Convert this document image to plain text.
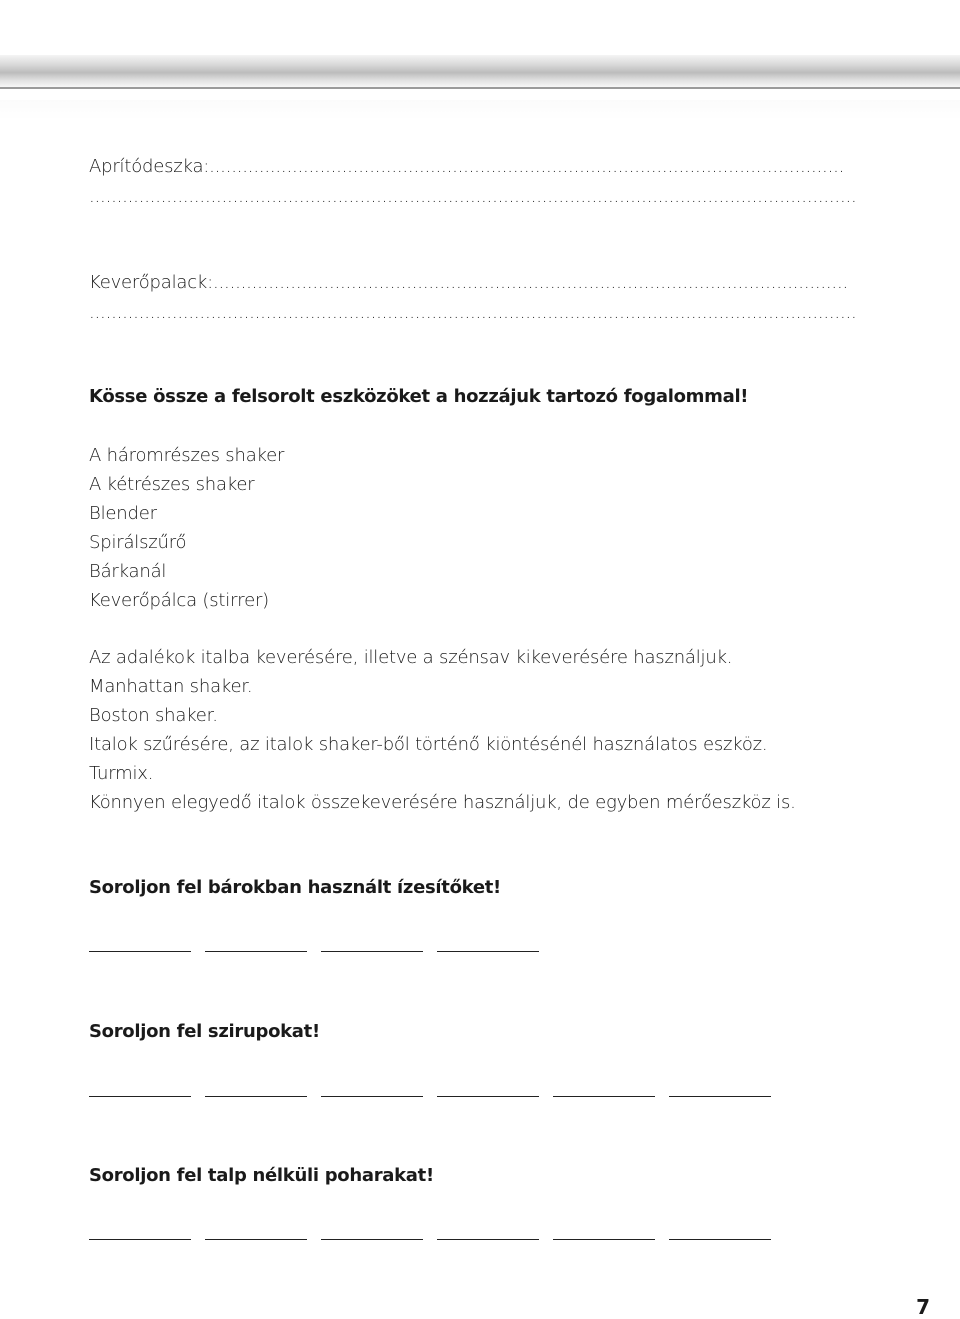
Aprítódeszka:...................................................................................................................
...........................................................................................................................................
Keverőpalack:...................................................................................................................
...........................................................................................................................................
Kösse össze a felsorolt eszközöket a hozzájuk tartozó fogalommal!
A háromrészes shaker
A kétrészes shaker
Blender
Spirálszűrő
Bárkanál
Keverőpálca (stirrer)
Az adalékok italba keverésére, illetve a szénsav kikeverésére használjuk.
Manhattan shaker.
Boston shaker.
Italok szűrésére, az italok shaker-ből történő kiöntésénél használatos eszköz.
Turmix.
Könnyen elegyedő italok összekeverésére használjuk, de egyben mérőeszköz is.
Soroljon fel bárokban használt ízesítőket!
Soroljon fel szirupokat!
Soroljon fel talp nélküli poharakat!
7
